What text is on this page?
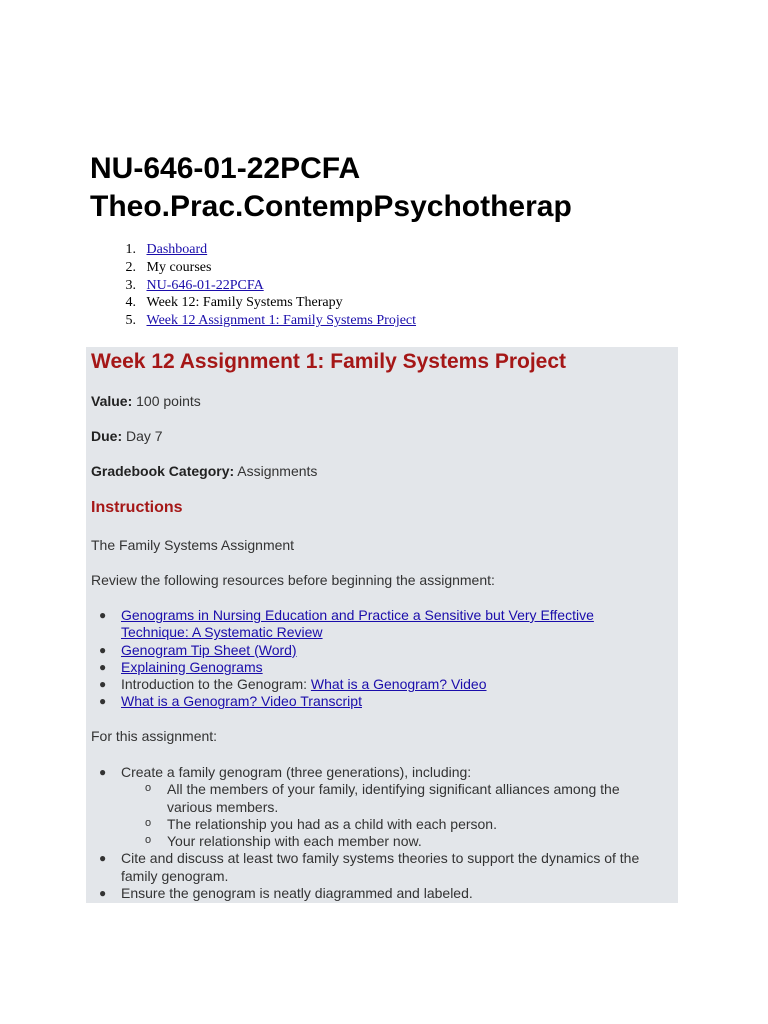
NU-646-01-22PCFA
Theo.Prac.ContempPsychotherap
1. Dashboard
2. My courses
3. NU-646-01-22PCFA
4. Week 12: Family Systems Therapy
5. Week 12 Assignment 1: Family Systems Project
Week 12 Assignment 1: Family Systems Project
Value: 100 points
Due: Day 7
Gradebook Category: Assignments
Instructions
The Family Systems Assignment
Review the following resources before beginning the assignment:
● Genograms in Nursing Education and Practice a Sensitive but Very Effective
Technique: A Systematic Review
● Genogram Tip Sheet (Word)
● Explaining Genograms
● Introduction to the Genogram: What is a Genogram? Video
● What is a Genogram? Video Transcript
For this assignment:
● Create a family genogram (three generations), including:
o All the members of your family, identifying significant alliances among the
various members.
o The relationship you had as a child with each person.
o Your relationship with each member now.
● Cite and discuss at least two family systems theories to support the dynamics of the
family genogram.
● Ensure the genogram is neatly diagrammed and labeled.
